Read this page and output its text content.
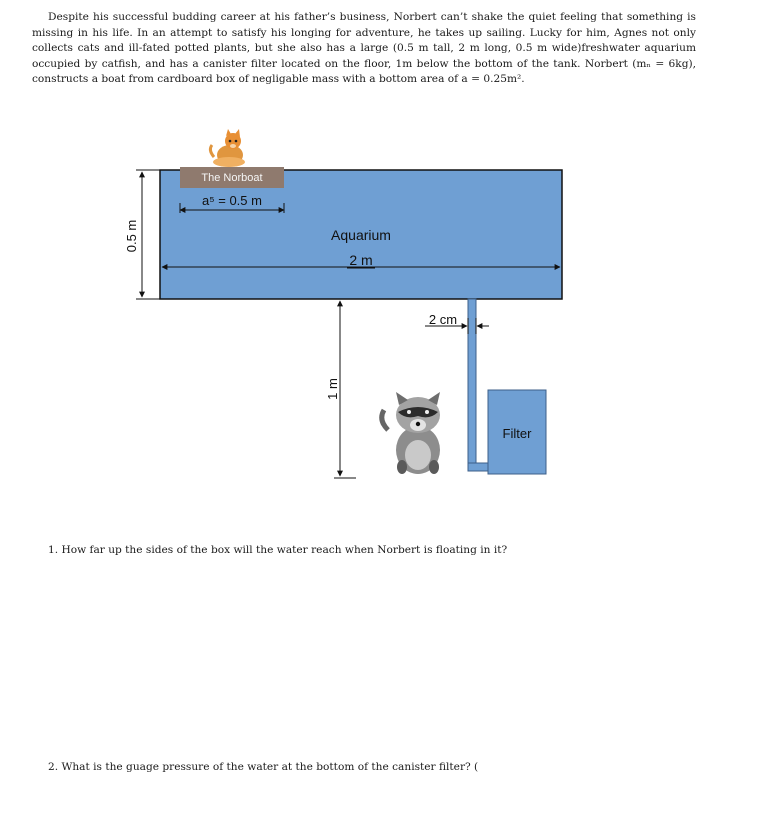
Despite his successful budding career at his father’s business, Norbert can’t shake the quiet feeling that something is missing in his life. In an attempt to satisfy his longing for adventure, he takes up sailing. Lucky for him, Agnes not only collects cats and ill-fated potted plants, but she also has a large (0.5 m tall, 2 m long, 0.5 m wide)freshwater aquarium occupied by catfish, and has a canister filter located on the floor, 1m below the bottom of the tank. Norbert (mₙ = 6kg), constructs a boat from cardboard box of negligable mass with a bottom area of a = 0.25m².

Filter
The Norboat
a⁵ = 0.5 m
Aquarium
2 m
0.5 m
1 m
2 cm

1. How far up the sides of the box will the water reach when Norbert is floating in it?

2. What is the guage pressure of the water at the bottom of the canister filter? (
